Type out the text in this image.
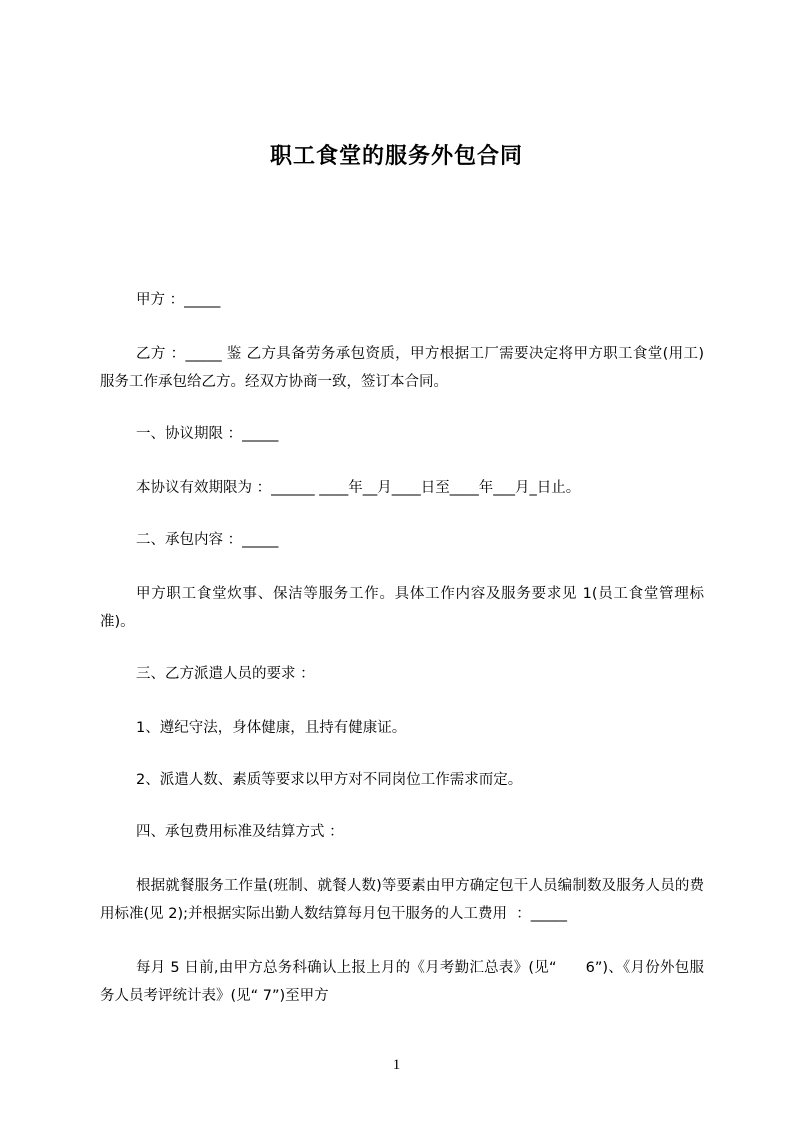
职工食堂的服务外包合同
甲方 ：_____
乙方 ：_____ 鉴 乙方具备劳务承包资质，甲方根据工厂需要决定将甲方职工食堂(用工)服务工作承包给乙方。经双方协商一致，签订本合同。
一、协议期限 ：_____
本协议有效期限为 ：______ ____年__月____日至____年___月_日止。
二、承包内容 ：_____
甲方职工食堂炊事、保洁等服务工作。具体工作内容及服务要求见 1(员工食堂管理标准)。
三、乙方派遣人员的要求 ：
1、遵纪守法，身体健康，且持有健康证。
2、派遣人数、素质等要求以甲方对不同岗位工作需求而定。
四、承包费用标准及结算方式 ：
根据就餐服务工作量(班制、就餐人数)等要素由甲方确定包干人员编制数及服务人员的费用标准(见 2);并根据实际出勤人数结算每月包干服务的人工费用  ：_____
每月 5 日前,由甲方总务科确认上报上月的《月考勤汇总表》(见“      6”)、《月份外包服务人员考评统计表》(见“ 7”)至甲方
1
